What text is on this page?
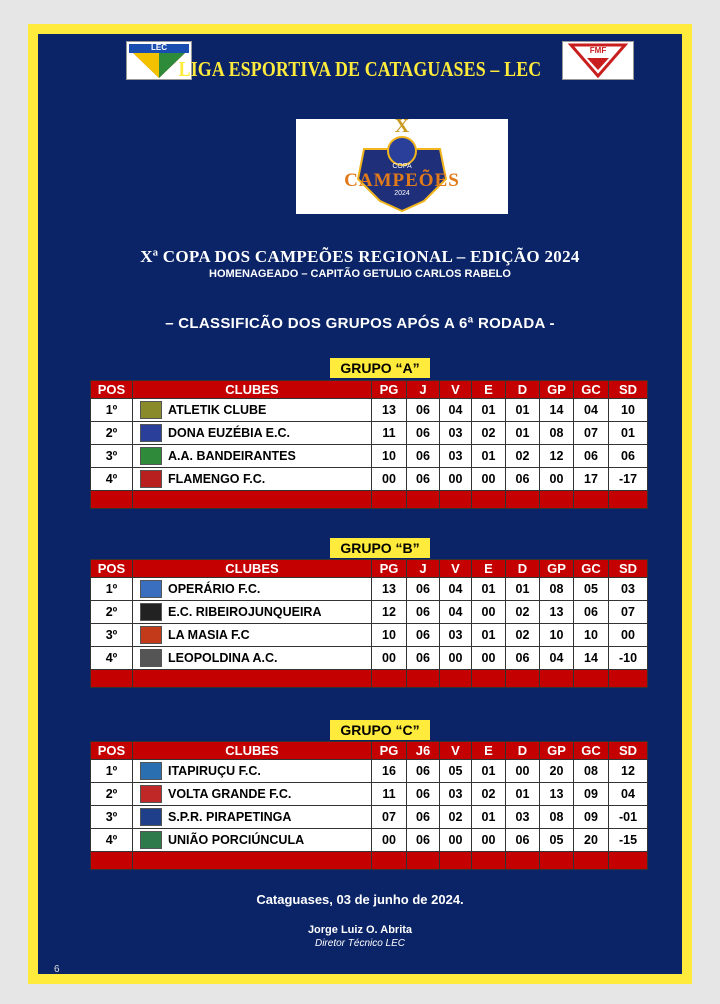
LEC	FMF
LIGA ESPORTIVA DE CATAGUASES – LEC
X
COPA
CAMPEÕES
2024
Xª COPA DOS CAMPEÕES REGIONAL – EDIÇÃO 2024
HOMENAGEADO – CAPITÃO GETULIO CARLOS RABELO
– CLASSIFICÃO DOS GRUPOS APÓS A 6ª RODADA -
GRUPO “A”
POS	CLUBES	PG	J	V	E	D	GP	GC	SD
1º	ATLETIK CLUBE	13	06	04	01	01	14	04	10
2º	DONA EUZÉBIA E.C.	11	06	03	02	01	08	07	01
3º	A.A. BANDEIRANTES	10	06	03	01	02	12	06	06
4º	FLAMENGO F.C.	00	06	00	00	06	00	17	-17

GRUPO “B”
POS	CLUBES	PG	J	V	E	D	GP	GC	SD
1º	OPERÁRIO F.C.	13	06	04	01	01	08	05	03
2º	E.C. RIBEIROJUNQUEIRA	12	06	04	00	02	13	06	07
3º	LA MASIA F.C	10	06	03	01	02	10	10	00
4º	LEOPOLDINA A.C.	00	06	00	00	06	04	14	-10

GRUPO “C”
POS	CLUBES	PG	J6	V	E	D	GP	GC	SD
1º	ITAPIRUÇU F.C.	16	06	05	01	00	20	08	12
2º	VOLTA GRANDE F.C.	11	06	03	02	01	13	09	04
3º	S.P.R. PIRAPETINGA	07	06	02	01	03	08	09	-01
4º	UNIÃO PORCIÚNCULA	00	06	00	00	06	05	20	-15

Cataguases, 03 de junho de 2024.
Jorge Luiz O. Abrita
Diretor Técnico LEC
6
